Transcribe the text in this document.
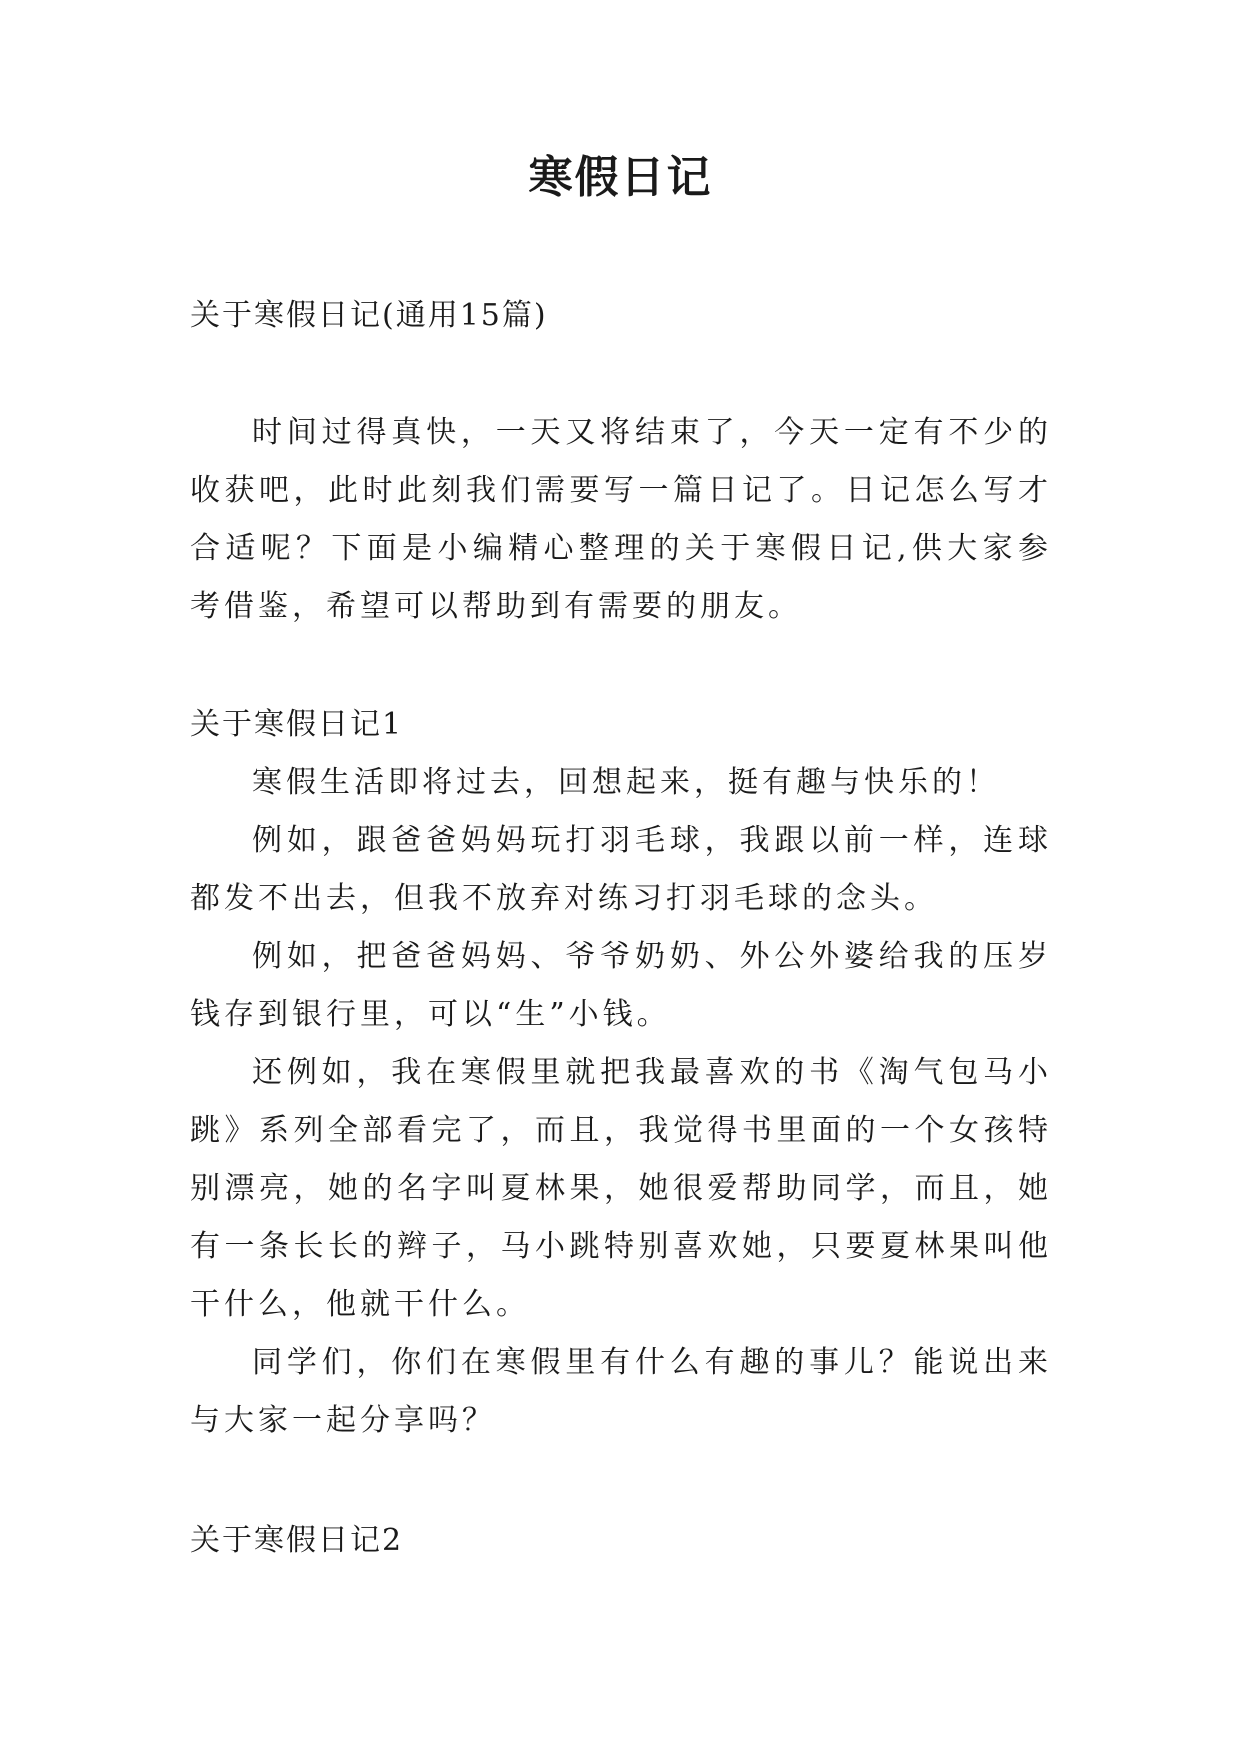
寒假日记

关于寒假日记(通用15篇)

时间过得真快，一天又将结束了，今天一定有不少的收获吧，此时此刻我们需要写一篇日记了。日记怎么写才合适呢？下面是小编精心整理的关于寒假日记,供大家参考借鉴，希望可以帮助到有需要的朋友。

关于寒假日记1

寒假生活即将过去，回想起来，挺有趣与快乐的！

例如，跟爸爸妈妈玩打羽毛球，我跟以前一样，连球都发不出去，但我不放弃对练习打羽毛球的念头。

例如，把爸爸妈妈、爷爷奶奶、外公外婆给我的压岁钱存到银行里，可以“生”小钱。

还例如，我在寒假里就把我最喜欢的书《淘气包马小跳》系列全部看完了，而且，我觉得书里面的一个女孩特别漂亮，她的名字叫夏林果，她很爱帮助同学，而且，她有一条长长的辫子，马小跳特别喜欢她，只要夏林果叫他干什么，他就干什么。

同学们，你们在寒假里有什么有趣的事儿？能说出来与大家一起分享吗？

关于寒假日记2
